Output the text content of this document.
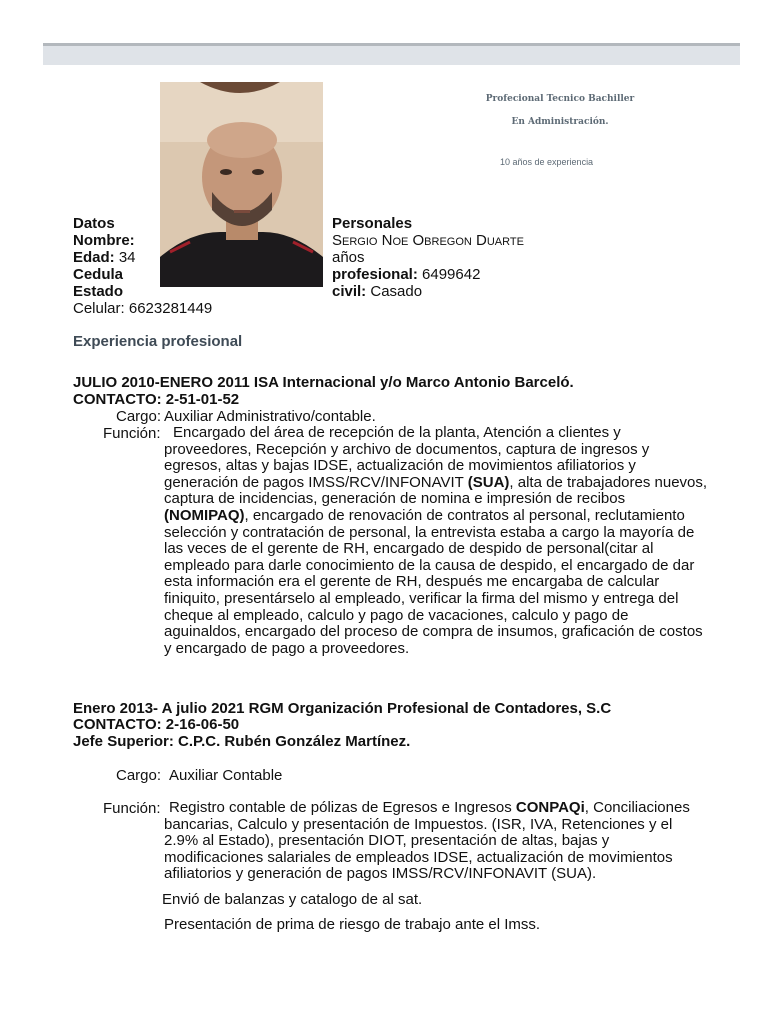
Profecional Tecnico Bachiller
En Administración.
10 años de experiencia
Datos	Personales
Nombre:	Sergio Noe Obregon Duarte
Edad: 34	años
Cedula	profesional: 6499642
Estado	civil: Casado
Celular: 6623281449
Experiencia profesional
JULIO 2010-ENERO 2011 ISA Internacional y/o Marco Antonio Barceló.
CONTACTO: 2-51-01-52
Cargo: Auxiliar Administrativo/contable.
Función: Encargado del área de recepción de la planta, Atención a clientes y proveedores, Recepción y archivo de documentos, captura de ingresos y egresos, altas y bajas IDSE, actualización de movimientos afiliatorios y generación de pagos IMSS/RCV/INFONAVIT (SUA), alta de trabajadores nuevos, captura de incidencias, generación de nomina e impresión de recibos (NOMIPAQ), encargado de renovación de contratos al personal, reclutamiento selección y contratación de personal, la entrevista estaba a cargo la mayoría de las veces de el gerente de RH, encargado de despido de personal(citar al empleado para darle conocimiento de la causa de despido, el encargado de dar esta información era el gerente de RH, después me encargaba de calcular finiquito, presentárselo al empleado, verificar la firma del mismo y entrega del cheque al empleado, calculo y pago de vacaciones, calculo y pago de aguinaldos, encargado del proceso de compra de insumos, graficación de costos y encargado de pago a proveedores.
Enero 2013- A julio 2021 RGM Organización Profesional de Contadores, S.C
CONTACTO: 2-16-06-50
Jefe Superior: C.P.C. Rubén González Martínez.
Cargo: Auxiliar Contable
Función: Registro contable de pólizas de Egresos e Ingresos CONPAQi, Conciliaciones bancarias, Calculo y presentación de Impuestos. (ISR, IVA, Retenciones y el 2.9% al Estado), presentación DIOT, presentación de altas, bajas y modificaciones salariales de empleados IDSE, actualización de movimientos afiliatorios y generación de pagos IMSS/RCV/INFONAVIT (SUA).
Envió de balanzas y catalogo de al sat.
Presentación de prima de riesgo de trabajo ante el Imss.
